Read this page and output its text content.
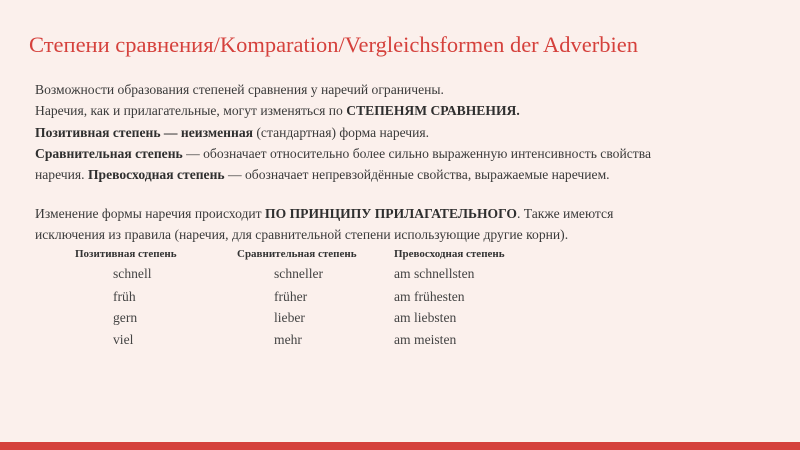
Степени сравнения/Komparation/Vergleichsformen der Adverbien
Возможности образования степеней сравнения у наречий ограничены.
Наречия, как и прилагательные, могут изменяться по СТЕПЕНЯМ СРАВНЕНИЯ.
Позитивная степень — неизменная (стандартная) форма наречия.
Сравнительная степень — обозначает относительно более сильно выраженную интенсивность свойства
наречия. Превосходная степень — обозначает непревзойдённые свойства, выражаемые наречием.
Изменение формы наречия происходит ПО ПРИНЦИПУ ПРИЛАГАТЕЛЬНОГО. Также имеются
исключения из правила (наречия, для сравнительной степени использующие другие корни).
Позитивная степень	Сравнительная степень	Превосходная степень
schnell	schneller	am schnellsten
früh	früher	am frühesten
gern	lieber	am liebsten
viel	mehr	am meisten
